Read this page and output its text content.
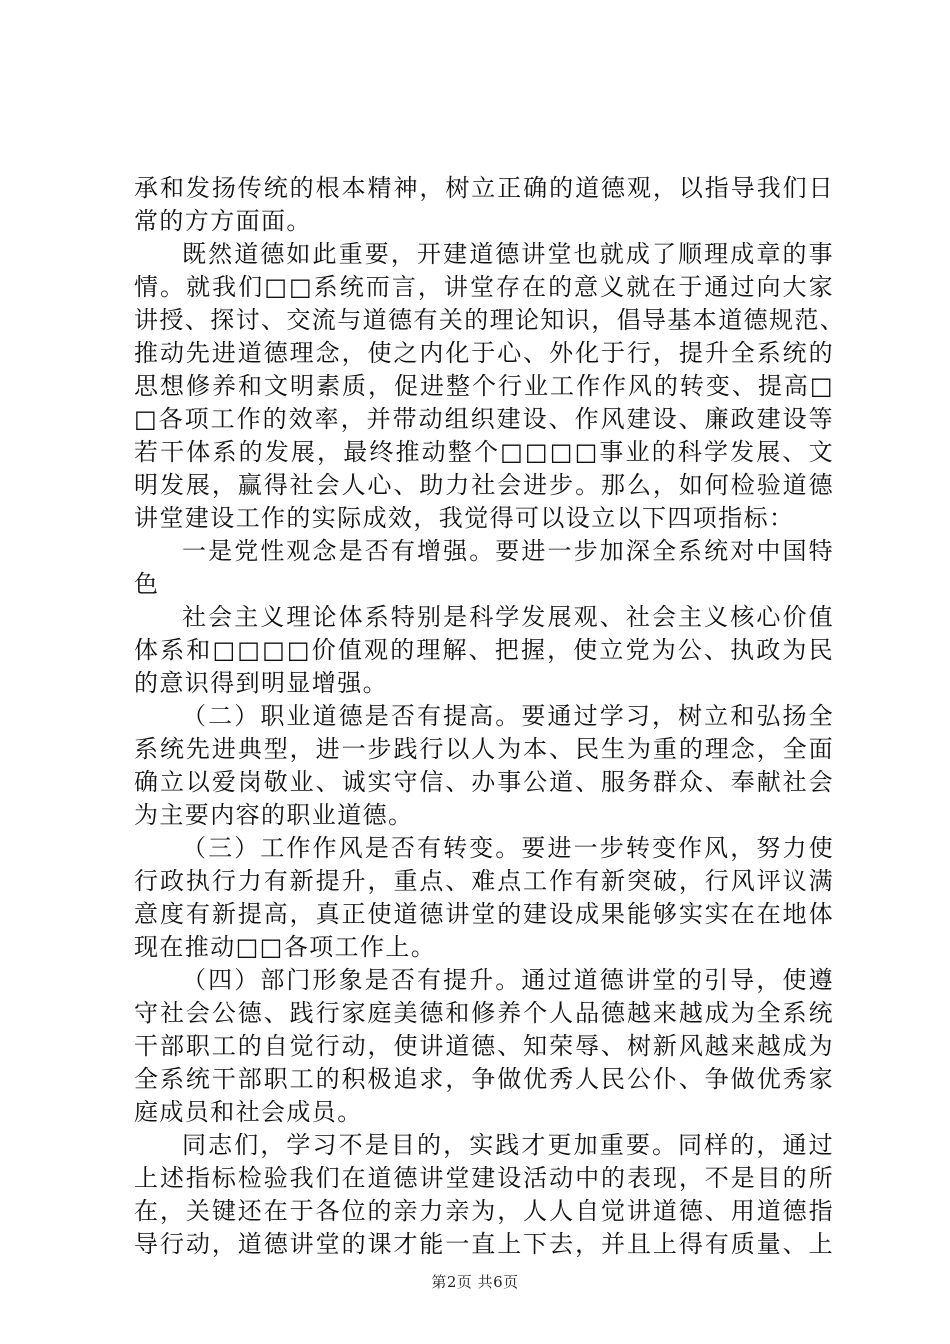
承和发扬传统的根本精神，树立正确的道德观，以指导我们日
常的方方面面。
既然道德如此重要，开建道德讲堂也就成了顺理成章的事
情。就我们□□系统而言，讲堂存在的意义就在于通过向大家
讲授、探讨、交流与道德有关的理论知识，倡导基本道德规范、
推动先进道德理念，使之内化于心、外化于行，提升全系统的
思想修养和文明素质，促进整个行业工作作风的转变、提高□
□各项工作的效率，并带动组织建设、作风建设、廉政建设等
若干体系的发展，最终推动整个□□□□事业的科学发展、文
明发展，赢得社会人心、助力社会进步。那么，如何检验道德
讲堂建设工作的实际成效，我觉得可以设立以下四项指标：
一是党性观念是否有增强。要进一步加深全系统对中国特
色
社会主义理论体系特别是科学发展观、社会主义核心价值
体系和□□□□价值观的理解、把握，使立党为公、执政为民
的意识得到明显增强。
（二）职业道德是否有提高。要通过学习，树立和弘扬全
系统先进典型，进一步践行以人为本、民生为重的理念，全面
确立以爱岗敬业、诚实守信、办事公道、服务群众、奉献社会
为主要内容的职业道德。
（三）工作作风是否有转变。要进一步转变作风，努力使
行政执行力有新提升，重点、难点工作有新突破，行风评议满
意度有新提高，真正使道德讲堂的建设成果能够实实在在地体
现在推动□□各项工作上。
（四）部门形象是否有提升。通过道德讲堂的引导，使遵
守社会公德、践行家庭美德和修养个人品德越来越成为全系统
干部职工的自觉行动，使讲道德、知荣辱、树新风越来越成为
全系统干部职工的积极追求，争做优秀人民公仆、争做优秀家
庭成员和社会成员。
同志们，学习不是目的，实践才更加重要。同样的，通过
上述指标检验我们在道德讲堂建设活动中的表现，不是目的所
在，关键还在于各位的亲力亲为，人人自觉讲道德、用道德指
导行动，道德讲堂的课才能一直上下去，并且上得有质量、上
第2页 共6页
